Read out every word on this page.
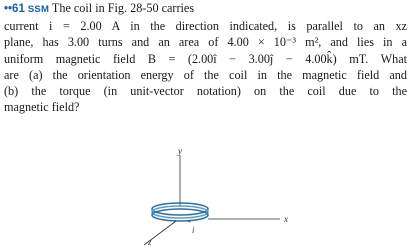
••61 SSM The coil in Fig. 28-50 carries
current i = 2.00 A in the direction indicated, is parallel to an xz
plane, has 3.00 turns and an area of 4.00 × 10⁻³ m², and lies in a
uniform magnetic field B = (2.00î − 3.00ĵ − 4.00k̂) mT. What
are (a) the orientation energy of the coil in the magnetic field and
(b) the torque (in unit-vector notation) on the coil due to the
magnetic field?
y
x
z
i
